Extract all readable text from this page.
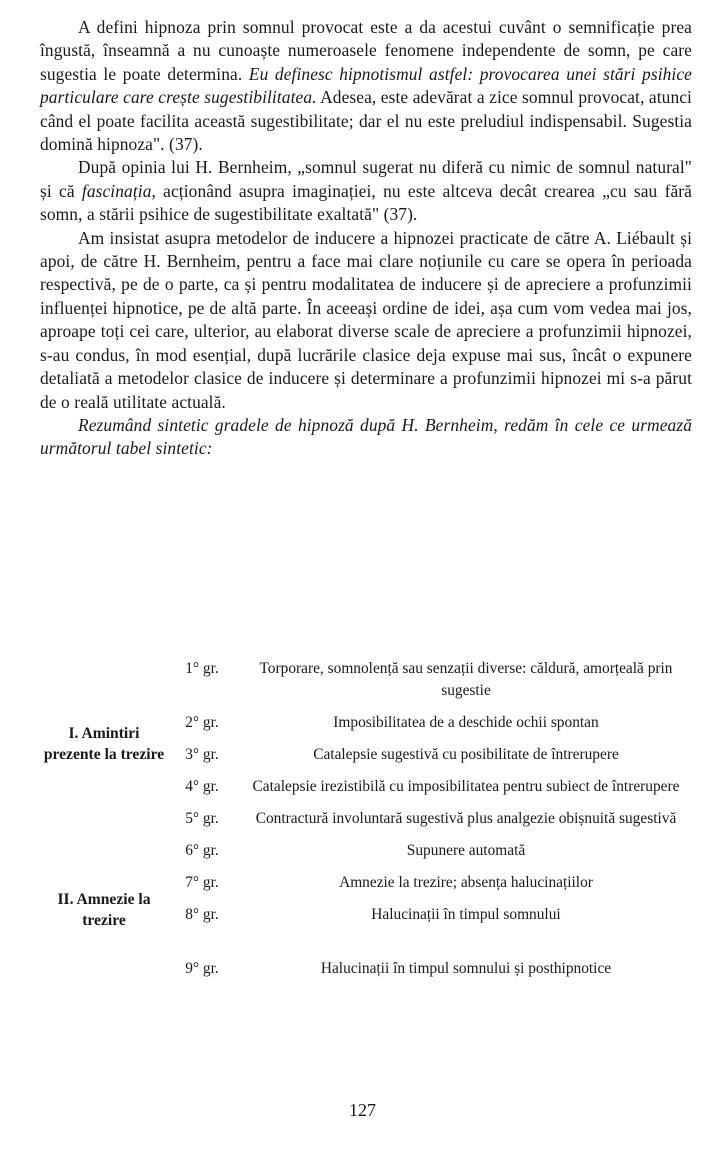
A defini hipnoza prin somnul provocat este a da acestui cuvânt o semnificație prea îngustă, înseamnă a nu cunoaște numeroasele fenomene independente de somn, pe care sugestia le poate determina. Eu definesc hipnotismul astfel: provocarea unei stări psihice particulare care crește sugestibilitatea. Adesea, este adevărat a zice somnul provocat, atunci când el poate facilita această sugestibilitate; dar el nu este preludiul indispensabil. Sugestia domină hipnoza". (37).

După opinia lui H. Bernheim, „somnul sugerat nu diferă cu nimic de somnul natural" și că fascinația, acționând asupra imaginației, nu este altceva decât crearea „cu sau fără somn, a stării psihice de sugestibilitate exaltată" (37).

Am insistat asupra metodelor de inducere a hipnozei practicate de către A. Liébault și apoi, de către H. Bernheim, pentru a face mai clare noțiunile cu care se opera în perioada respectivă, pe de o parte, ca și pentru modalitatea de inducere și de apreciere a profunzimii influenței hipnotice, pe de altă parte. În aceeași ordine de idei, așa cum vom vedea mai jos, aproape toți cei care, ulterior, au elaborat diverse scale de apreciere a profunzimii hipnozei, s-au condus, în mod esențial, după lucrările clasice deja expuse mai sus, încât o expunere detaliată a metodelor clasice de inducere și determinare a profunzimii hipnozei mi s-a părut de o reală utilitate actuală.

Rezumând sintetic gradele de hipnoză după H. Bernheim, redăm în cele ce urmează următorul tabel sintetic:

I. Amintiri prezente la trezire	1° gr.	Torporare, somnolență sau senzații diverse: căldură, amorțeală prin sugestie
	2° gr.	Imposibilitatea de a deschide ochii spontan
	3° gr.	Catalepsie sugestivă cu posibilitate de întrerupere
	4° gr.	Catalepsie irezistibilă cu imposibilitatea pentru subiect de întrerupere
	5° gr.	Contractură involuntară sugestivă plus analgezie obișnuită sugestivă
II. Amnezie la trezire	6° gr.	Supunere automată
	7° gr.	Amnezie la trezire; absența halucinațiilor
	8° gr.	Halucinații în timpul somnului
	9° gr.	Halucinații în timpul somnului și posthipnotice
127
